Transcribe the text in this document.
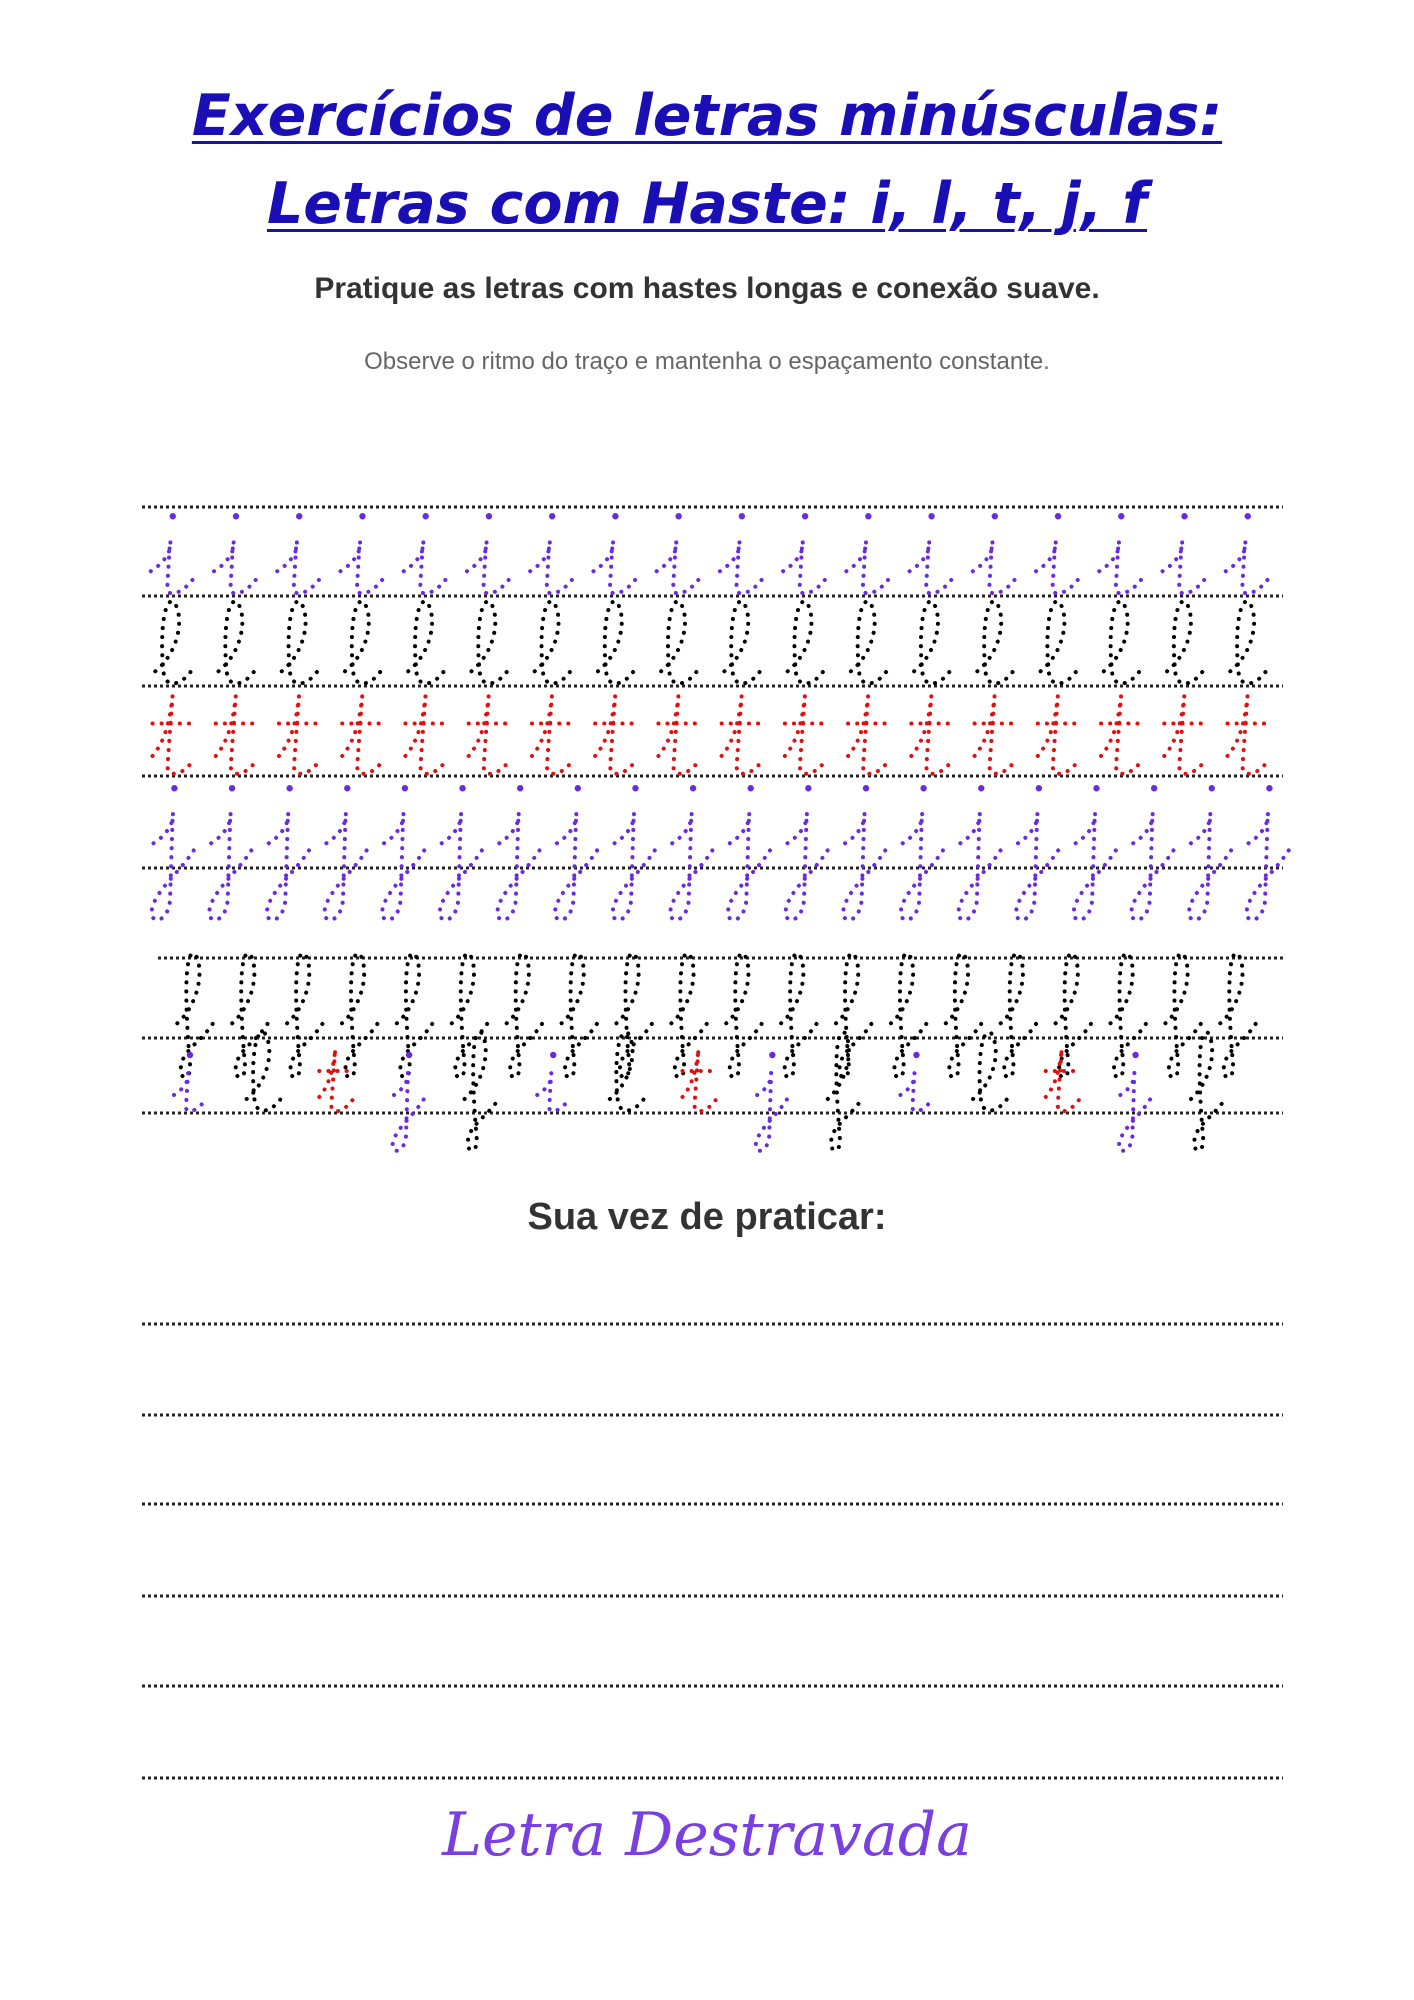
Exercícios de letras minúsculas:
Letras com Haste: i, l, t, j, f
Pratique as letras com hastes longas e conexão suave.
Observe o ritmo do traço e mantenha o espaçamento constante.
Sua vez de praticar:
Letra Destravada
